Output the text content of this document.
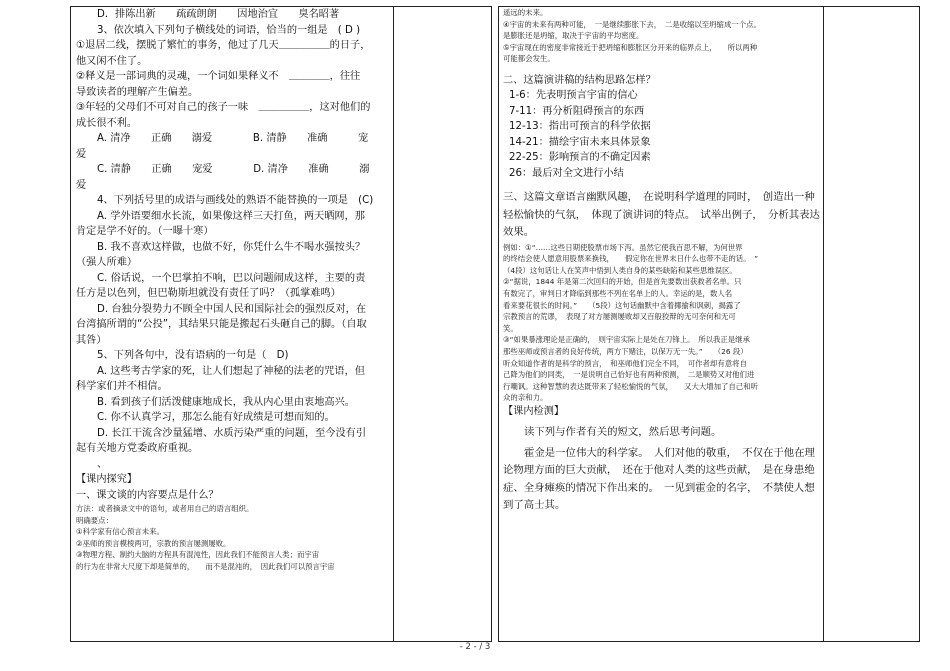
D．排陈出新　　疏疏朗朗　　因地治宜　　臭名昭著
3、依次填入下列句子横线处的词语，恰当的一组是　( D )
①退居二线，摆脱了繁忙的事务，他过了几天＿＿＿＿＿的日子，
他又闲不住了。
②释义是一部词典的灵魂，一个词如果释义不　＿＿＿＿，往往
导致读者的理解产生偏差。
③年轻的父母们不可对自己的孩子一味　＿＿＿＿＿，这对他们的
成长很不利。
A. 清净　　正确　　溺爱　　　　B. 清静　　准确　　　宠
爱
C. 清静　　正确　　宠爱　　　　D. 清净　　准确　　　溺
爱
4、下列括号里的成语与画线处的熟语不能替换的一项是　(C)
A. 学外语要细水长流，如果像这样三天打鱼，两天晒网，那
肯定是学不好的。（一曝十寒）
B. 我不喜欢这样做，也做不好，你凭什么牛不喝水强按头？
（强人所难）
C. 俗话说，一个巴掌拍不响，巴以问题闹成这样，主要的责
任方是以色列，但巴勒斯坦就没有责任了吗？（孤掌难鸣）
D. 台独分裂势力不顾全中国人民和国际社会的强烈反对，在
台湾搞所谓的“公投”，其结果只能是搬起石头砸自己的脚。（自取
其咎）
5、下列各句中，没有语病的一句是（　D)
A. 这些考古学家的死，让人们想起了神秘的法老的咒语，但
科学家们并不相信。
B. 看到孩子们活泼健康地成长，我从内心里由衷地高兴。
C. 你不认真学习，那怎么能有好成绩是可想而知的。
D. 长江干流含沙量猛增、水质污染严重的问题，至今没有引
起有关地方党委政府重视。
、
【课内探究】
一、课文谈的内容要点是什么？
方法：或者摘录文中的语句，或者用自己的语言组织。
明确要点：
①科学家有信心预言未来。
②巫师的预言模棱两可，宗教的预言屡测屡败。
③物理方程、制约大脑的方程具有混沌性，因此我们不能预言人类；而宇宙
的行为在非常大尺度下却是简单的，　　而不是混沌的，　因此我们可以预言宇宙
遥远的未来。
④宇宙的未来有两种可能，　一是继续膨胀下去，　二是收缩以至坍缩成一个点。
是膨胀还是坍缩，取决于宇宙的平均密度。
⑤宇宙现在的密度非常接近于把坍缩和膨胀区分开来的临界点上，　　所以两种
可能都会发生。
二、这篇演讲稿的结构思路怎样？
1-6：先表明预言宇宙的信心
7-11：再分析阻碍预言的东西
12-13：指出可预言的科学依据
14-21：描绘宇宙未来具体景象
22-25：影响预言的不确定因素
26：最后对全文进行小结
三、这篇文章语言幽默风趣，　在说明科学道理的同时，　创造出一种
轻松愉快的气氛，　体现了演讲词的特点。　试举出例子，　分析其表达
效果。
例如：①“……这些日期使股票市场下泻。虽然它使我百思不解，为何世界
的终结会使人愿意用股票来换钱，　　假定你在世界末日什么也带不走的话。　”
（4段）这句话让人在笑声中悟到人类自身的某些缺陷和某些思维误区。
②“据说，1844 年是第二次回归的开始，但是首先要数出获救者名单。只
有数完了，审判日才降临到那些不列在名单上的人。幸运的是，数人名
看来要花很长的时间。”　　（5段）这句话幽默中含着揶揄和讽刺，揭露了
宗教预言的荒谬，　表现了对方屡测屡败却又百般狡辩的无可奈何和无可
笑。
③“如果暴涨理论是正确的，　则宇宙实际上是处在刀锋上。　所以我正是继承
那些巫师或预言者的良好传统，两方下赌注，以保万无一失。”　　（26 段）
听众知道作者的是科学的预言，　和巫师他们完全不同，　可作者却有意将自
己降为他们的同类，　一是说明自己恰好也有两种预测，　二是顺势又对他们进
行嘲讽。这种智慧的表达既带来了轻松愉悦的气氛，　　又大大增加了自己和听
众的亲和力。
【课内检测】
读下列与作者有关的短文，然后思考问题。
霍金是一位伟大的科学家。　人们对他的敬重，　不仅在于他在理
论物理方面的巨大贡献，　还在于他对人类的这些贡献，　是在身患绝
症、全身瘫痪的情况下作出来的。　一见到霍金的名字，　不禁使人想
到了高士其。
- 2 - / 3
